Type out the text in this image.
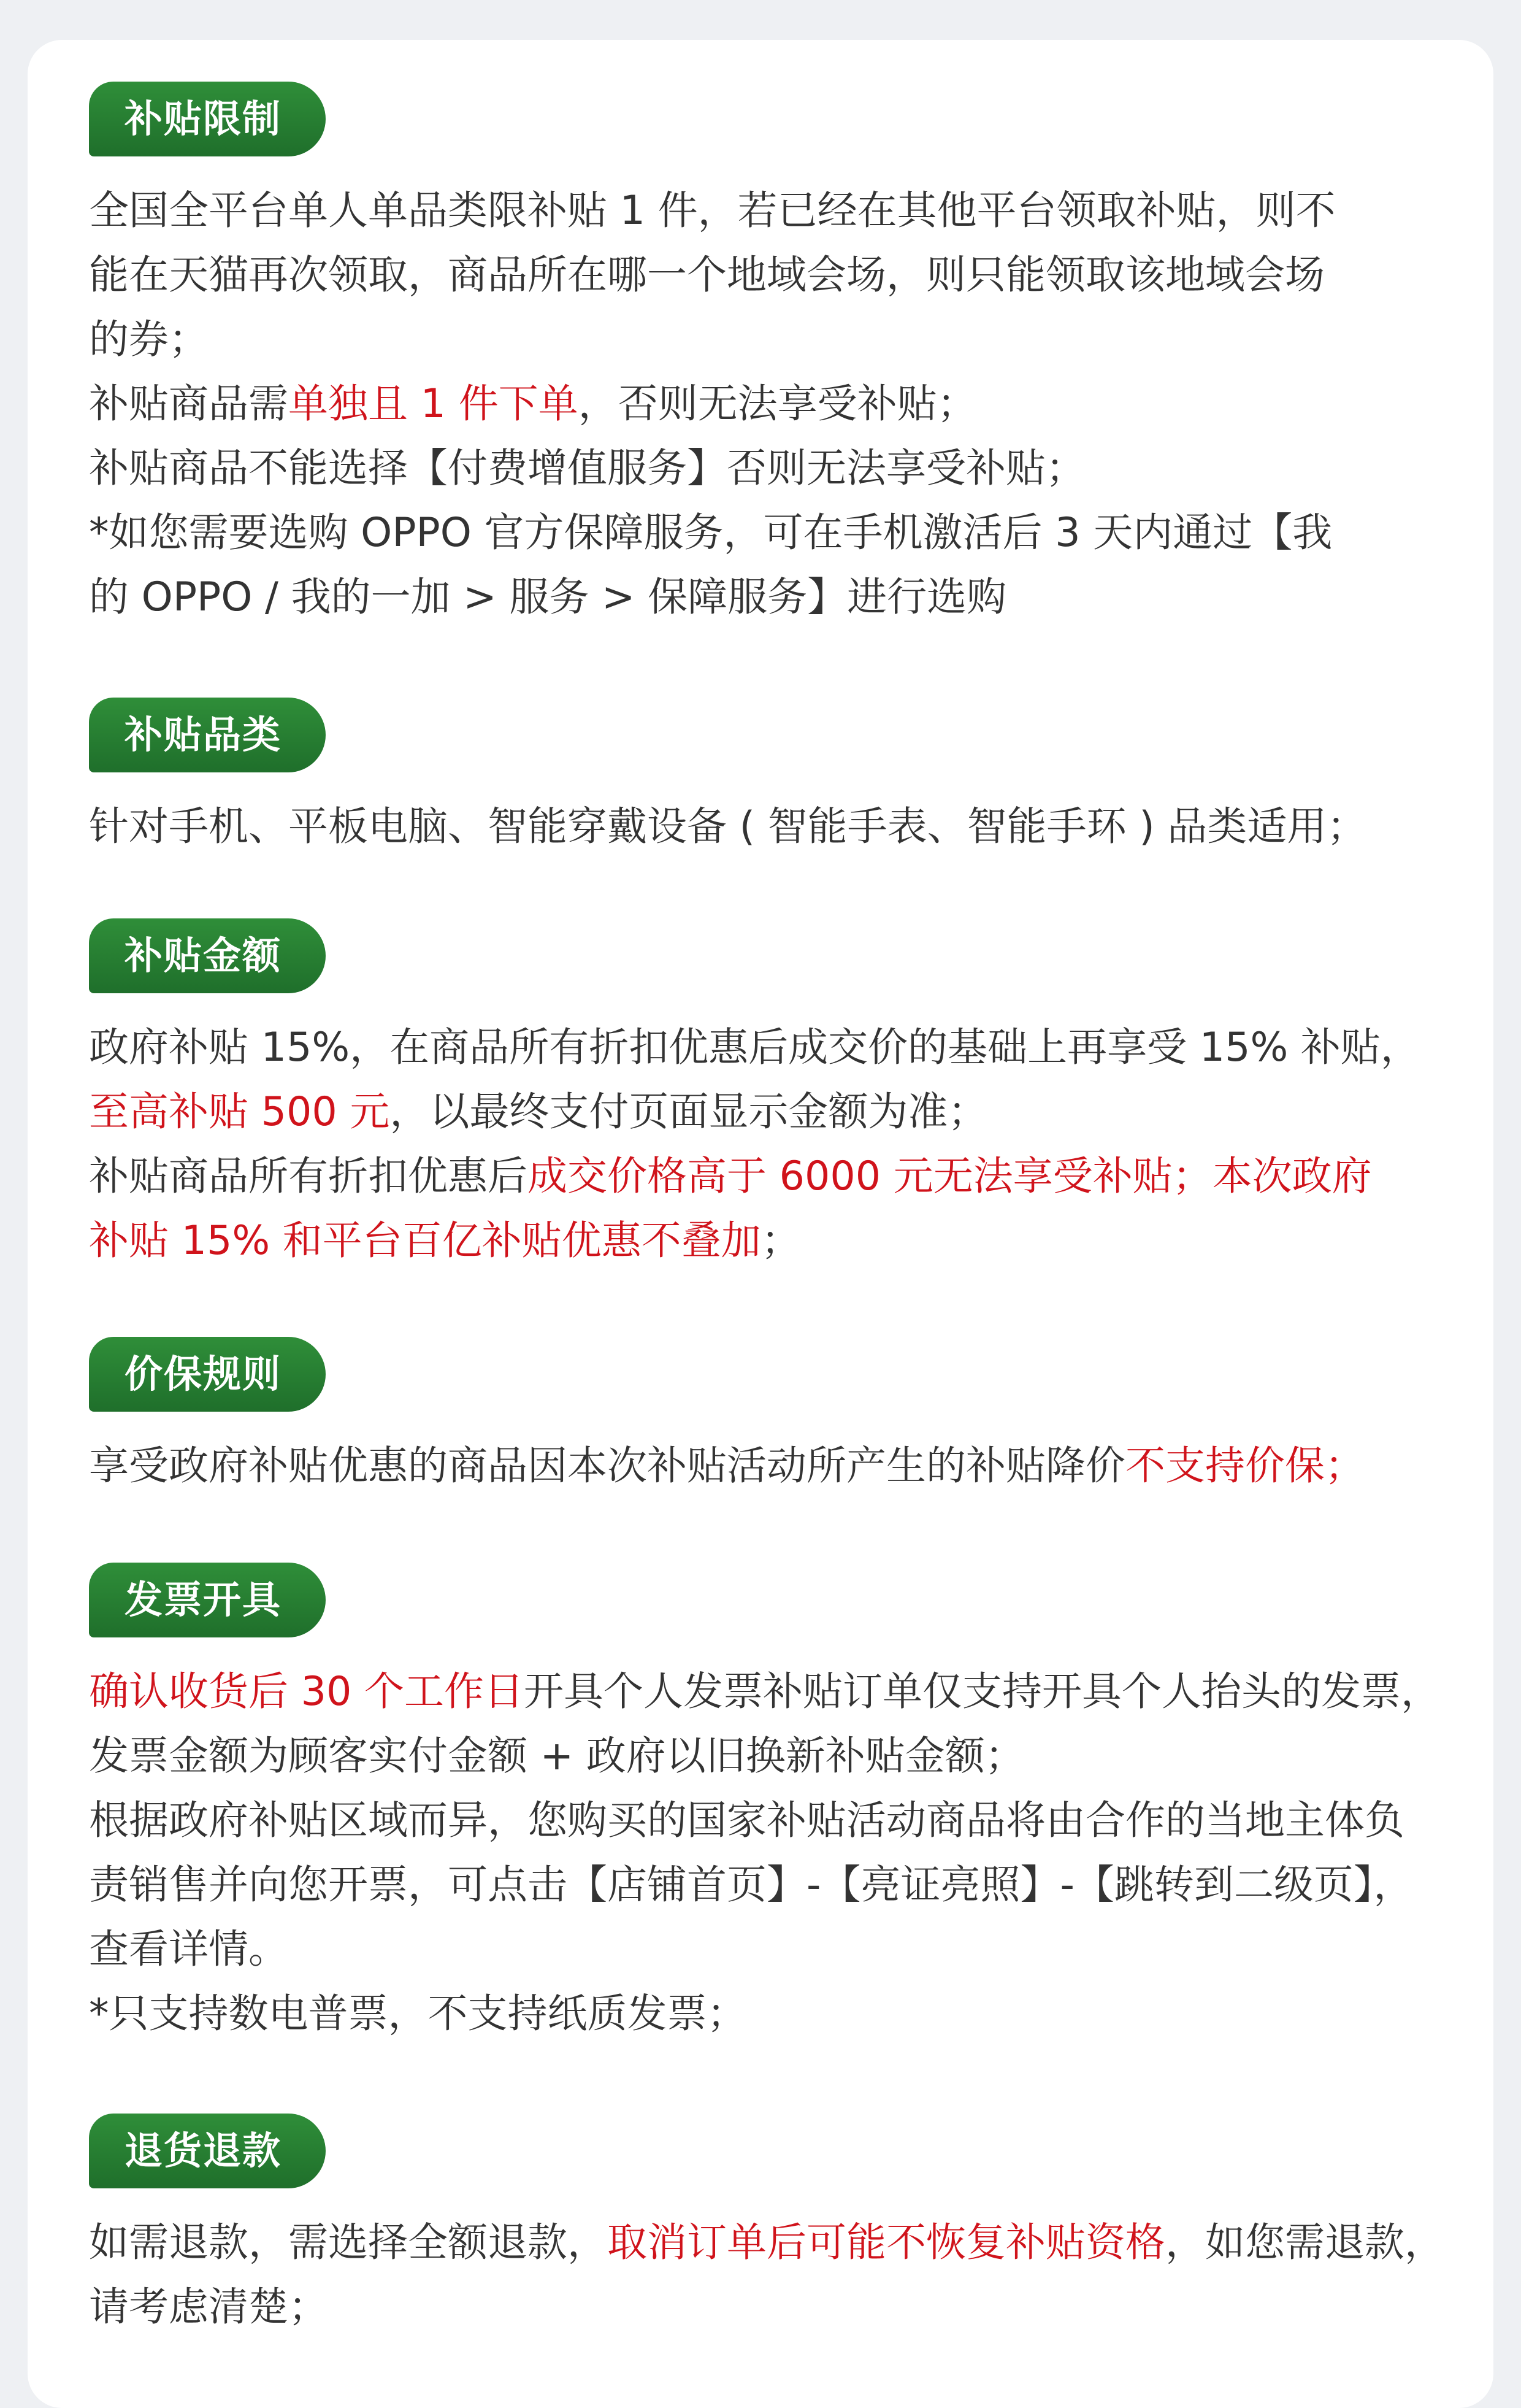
补贴限制
全国全平台单人单品类限补贴 1 件，若已经在其他平台领取补贴，则不
能在天猫再次领取，商品所在哪一个地域会场，则只能领取该地域会场
的券；
补贴商品需单独且 1 件下单，否则无法享受补贴；
补贴商品不能选择【付费增值服务】否则无法享受补贴；
*如您需要选购 OPPO 官方保障服务，可在手机激活后 3 天内通过【我
的 OPPO / 我的一加 > 服务 > 保障服务】进行选购
补贴品类
针对手机、平板电脑、智能穿戴设备 ( 智能手表、智能手环 ) 品类适用；
补贴金额
政府补贴 15%，在商品所有折扣优惠后成交价的基础上再享受 15% 补贴，
至高补贴 500 元，以最终支付页面显示金额为准；
补贴商品所有折扣优惠后成交价格高于 6000 元无法享受补贴；本次政府
补贴 15% 和平台百亿补贴优惠不叠加；
价保规则
享受政府补贴优惠的商品因本次补贴活动所产生的补贴降价不支持价保；
发票开具
确认收货后 30 个工作日开具个人发票补贴订单仅支持开具个人抬头的发票，
发票金额为顾客实付金额 + 政府以旧换新补贴金额；
根据政府补贴区域而异，您购买的国家补贴活动商品将由合作的当地主体负
责销售并向您开票，可点击【店铺首页】-【亮证亮照】-【跳转到二级页】，
查看详情。
*只支持数电普票，不支持纸质发票；
退货退款
如需退款，需选择全额退款，取消订单后可能不恢复补贴资格，如您需退款，
请考虑清楚；
